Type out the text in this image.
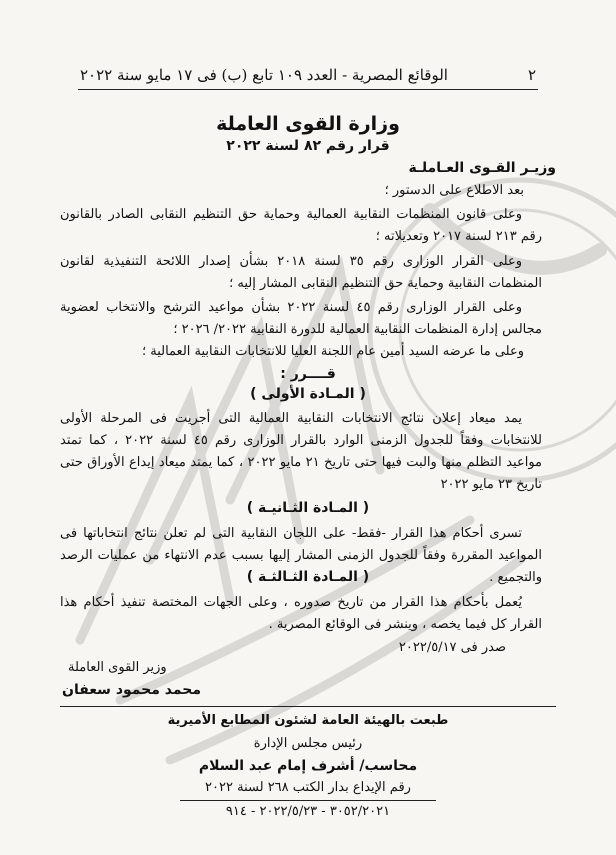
٢
الوقائع المصرية - العدد ١٠٩ تابع (ب) فى ١٧ مايو سنة ٢٠٢٢
وزارة القوى العاملة
قرار رقم ٨٢ لسنة ٢٠٢٢
وزيـر القـوى العـاملـة
بعد الاطلاع على الدستور ؛
وعلى قانون المنظمات النقابية العمالية وحماية حق التنظيم النقابى الصادر بالقانون رقم ٢١٣ لسنة ٢٠١٧ وتعديلاته ؛
وعلى القرار الوزارى رقم ٣٥ لسنة ٢٠١٨ بشأن إصدار اللائحة التنفيذية لقانون المنظمات النقابية وحماية حق التنظيم النقابى المشار إليه ؛
وعلى القرار الوزارى رقم ٤٥ لسنة ٢٠٢٢ بشأن مواعيد الترشح والانتخاب لعضوية مجالس إدارة المنظمات النقابية العمالية للدورة النقابية ٢٠٢٢/ ٢٠٢٦ ؛
وعلى ما عرضه السيد أمين عام اللجنة العليا للانتخابات النقابية العمالية ؛
قــــرر :
( المـادة الأولى )
يمد ميعاد إعلان نتائج الانتخابات النقابية العمالية التى أجريت فى المرحلة الأولى للانتخابات وفقاً للجدول الزمنى الوارد بالقرار الوزارى رقم ٤٥ لسنة ٢٠٢٢ ، كما تمتد مواعيد التظلم منها والبت فيها حتى تاريخ ٢١ مايو ٢٠٢٢ ، كما يمتد ميعاد إيداع الأوراق حتى تاريخ ٢٣ مايو ٢٠٢٢
( المـادة الثـانيـة )
تسرى أحكام هذا القرار -فقط- على اللجان النقابية التى لم تعلن نتائج انتخاباتها فى المواعيد المقررة وفقاً للجدول الزمنى المشار إليها بسبب عدم الانتهاء من عمليات الرصد والتجميع .
( المـادة الثـالثـة )
يُعمل بأحكام هذا القرار من تاريخ صدوره ، وعلى الجهات المختصة تنفيذ أحكام هذا القرار كل فيما يخصه ، وينشر فى الوقائع المصرية .
صدر فى ٢٠٢٢/٥/١٧
وزير القوى العاملة
محمد محمود سعفان
طبعت بالهيئة العامة لشئون المطابع الأميرية
رئيس مجلس الإدارة
محاسب/ أشرف إمام عبد السلام
رقم الإيداع بدار الكتب ٢٦٨ لسنة ٢٠٢٢
٣٠٥٢/٢٠٢١ - ٢٠٢٢/٥/٢٣ - ٩١٤
